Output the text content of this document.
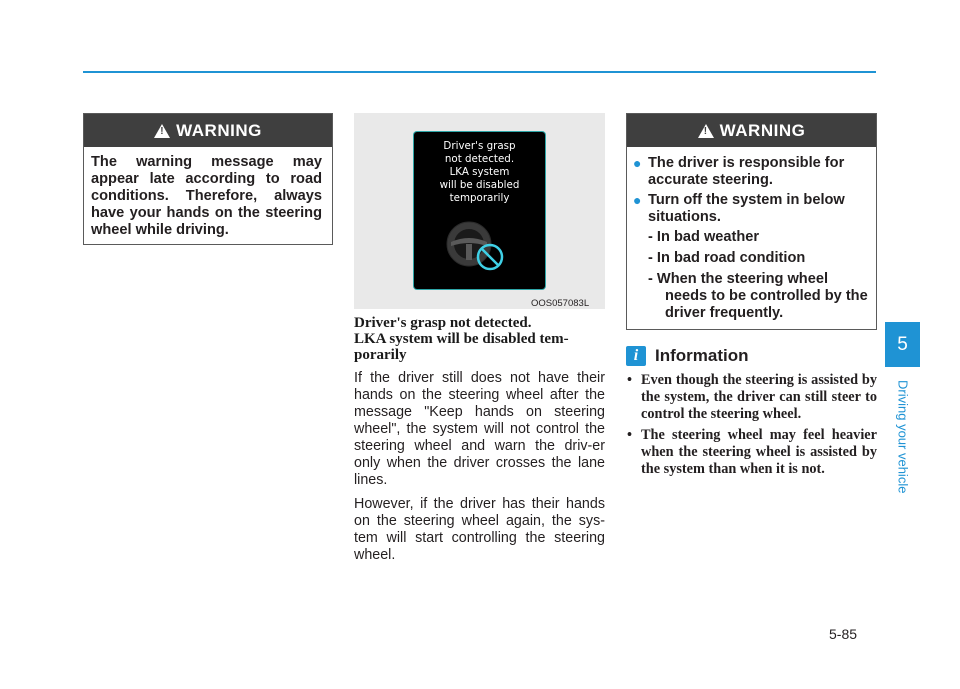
! WARNING
The warning message may appear late according to road conditions. Therefore, always have your hands on the steering wheel while driving.
Driver's grasp
not detected.
LKA system
will be disabled
temporarily
OOS057083L
Driver's grasp not detected.
LKA system will be disabled tem-
porarily

If the driver still does not have their hands on the steering wheel after the message "Keep hands on steering wheel", the system will not control the steering wheel and warn the driv-er only when the driver crosses the lane lines.

However, if the driver has their hands on the steering wheel again, the sys-tem will start controlling the steering wheel.

! WARNING
● The driver is responsible for accurate steering.
● Turn off the system in below situations.
- In bad weather
- In bad road condition
- When the steering wheel needs to be controlled by the driver frequently.
i Information
• Even though the steering is assisted by the system, the driver can still steer to control the steering wheel.
• The steering wheel may feel heavier when the steering wheel is assisted by the system than when it is not.
5
Driving your vehicle
5-85
